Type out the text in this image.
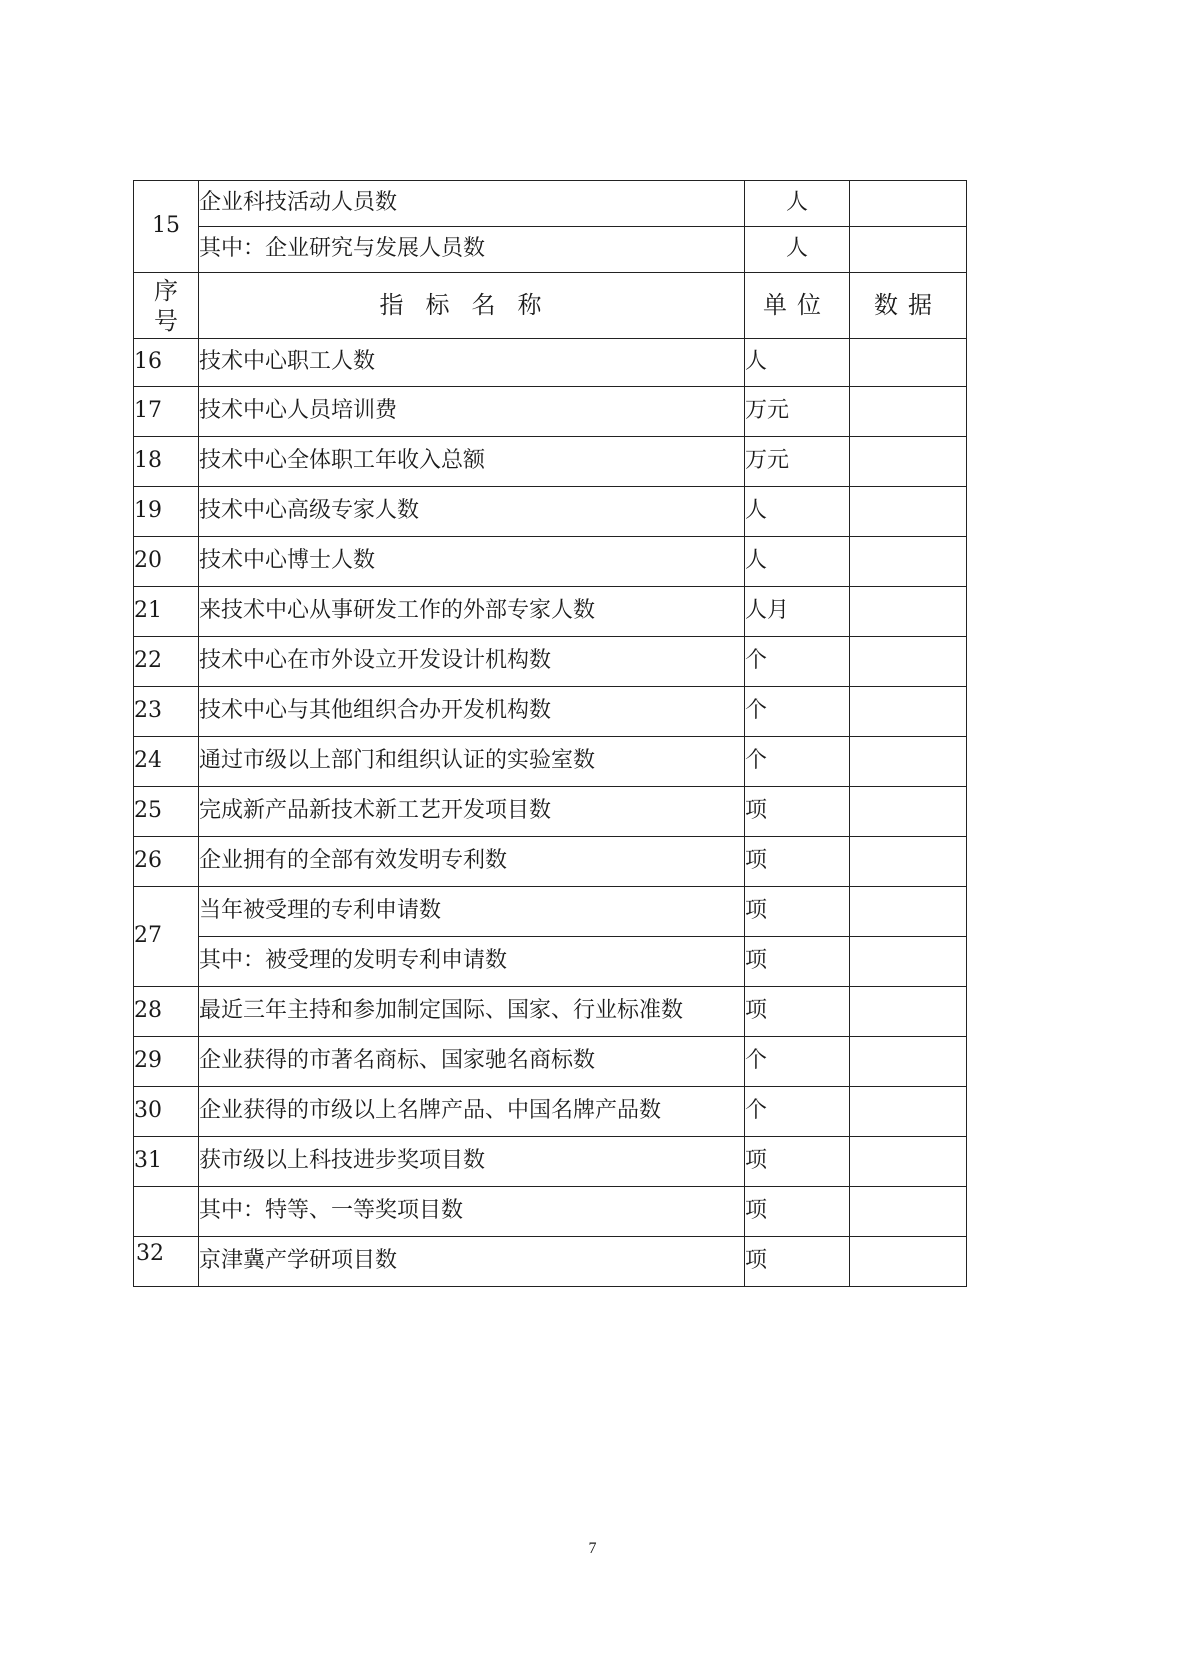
15	企业科技活动人员数	人	
	其中：企业研究与发展人员数	人	

序
号	指标名称	单位	数据
16	技术中心职工人数	人	
17	技术中心人员培训费	万元	
18	技术中心全体职工年收入总额	万元	
19	技术中心高级专家人数	人	
20	技术中心博士人数	人	
21	来技术中心从事研发工作的外部专家人数	人月	
22	技术中心在市外设立开发设计机构数	个	
23	技术中心与其他组织合办开发机构数	个	
24	通过市级以上部门和组织认证的实验室数	个	
25	完成新产品新技术新工艺开发项目数	项	
26	企业拥有的全部有效发明专利数	项	
27	当年被受理的专利申请数	项	
	其中：被受理的发明专利申请数	项	
28	最近三年主持和参加制定国际、国家、行业标准数	项	
29	企业获得的市著名商标、国家驰名商标数	个	
30	企业获得的市级以上名牌产品、中国名牌产品数	个	
31	获市级以上科技进步奖项目数	项	
	其中：特等、一等奖项目数	项	
32	京津冀产学研项目数	项	
7
